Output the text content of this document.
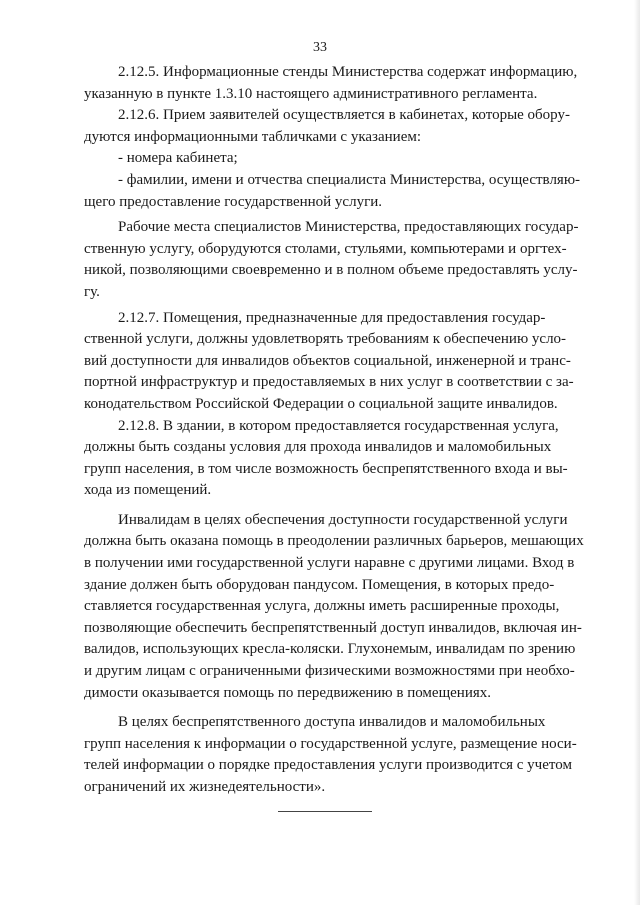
33
2.12.5. Информационные стенды Министерства содержат информацию,
указанную в пункте 1.3.10 настоящего административного регламента.
2.12.6. Прием заявителей осуществляется в кабинетах, которые обору-
дуются информационными табличками с указанием:
- номера кабинета;
- фамилии, имени и отчества специалиста Министерства, осуществляю-
щего предоставление государственной услуги.
Рабочие места специалистов Министерства, предоставляющих государ-
ственную услугу, оборудуются столами, стульями, компьютерами и оргтех-
никой, позволяющими своевременно и в полном объеме предоставлять услу-
гу.
2.12.7. Помещения, предназначенные для предоставления государ-
ственной услуги, должны удовлетворять требованиям к обеспечению усло-
вий доступности для инвалидов объектов социальной, инженерной и транс-
портной инфраструктур и предоставляемых в них услуг в соответствии с за-
конодательством Российской Федерации о социальной защите инвалидов.
2.12.8. В здании, в котором предоставляется государственная услуга,
должны быть созданы условия для прохода инвалидов и маломобильных
групп населения, в том числе возможность беспрепятственного входа и вы-
хода из помещений.
Инвалидам в целях обеспечения доступности государственной услуги
должна быть оказана помощь в преодолении различных барьеров, мешающих
в получении ими государственной услуги наравне с другими лицами. Вход в
здание должен быть оборудован пандусом. Помещения, в которых предо-
ставляется государственная услуга, должны иметь расширенные проходы,
позволяющие обеспечить беспрепятственный доступ инвалидов, включая ин-
валидов, использующих кресла-коляски. Глухонемым, инвалидам по зрению
и другим лицам с ограниченными физическими возможностями при необхо-
димости оказывается помощь по передвижению в помещениях.
В целях беспрепятственного доступа инвалидов и маломобильных
групп населения к информации о государственной услуге, размещение носи-
телей информации о порядке предоставления услуги производится с учетом
ограничений их жизнедеятельности».
